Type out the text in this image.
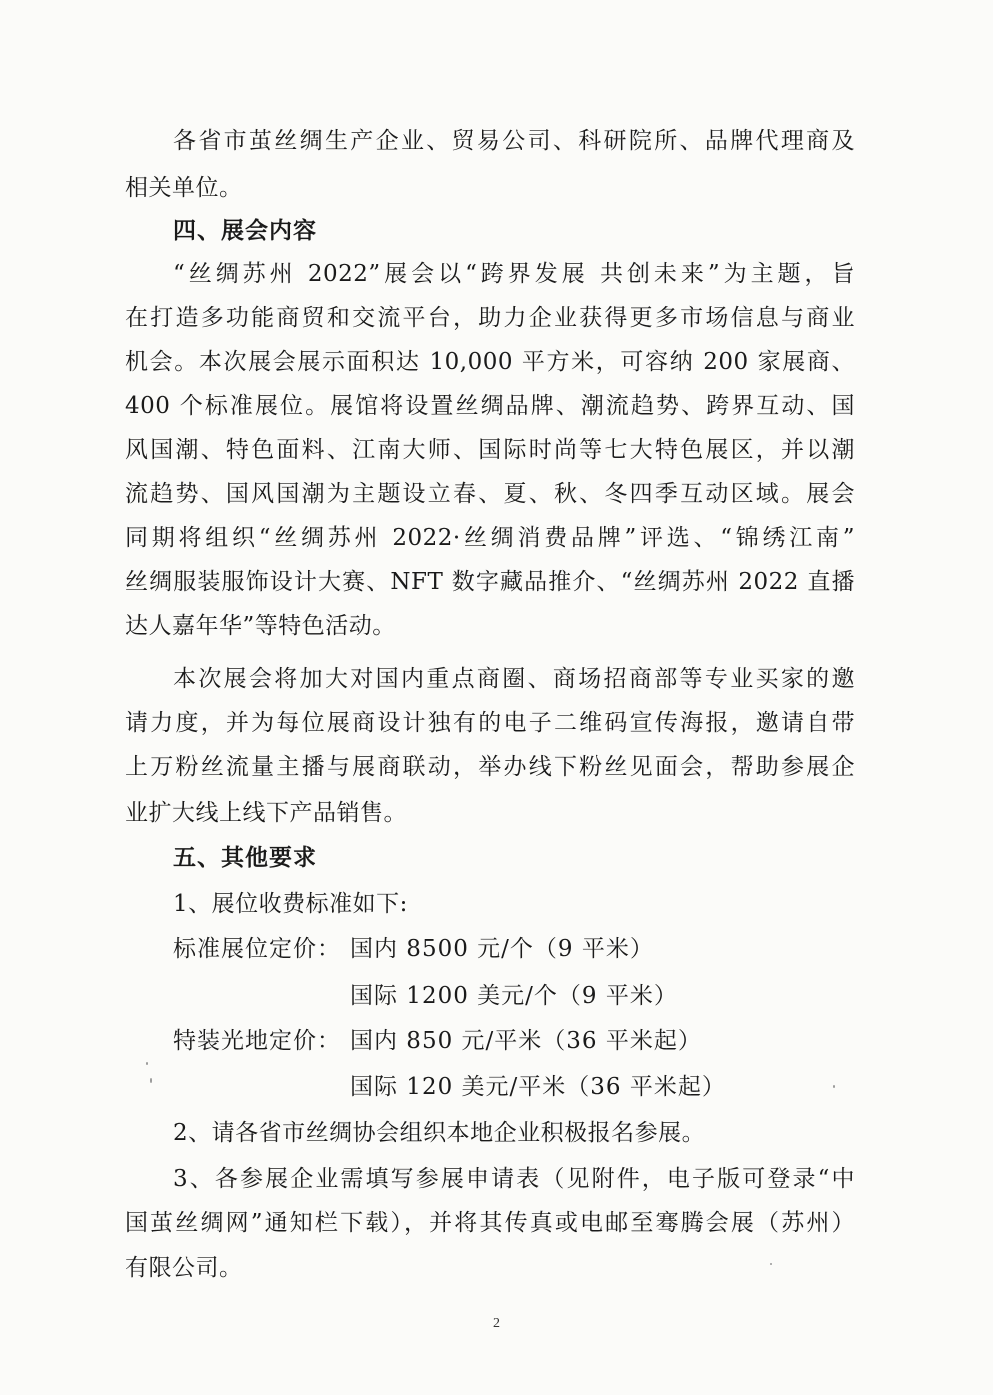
各省市茧丝绸生产企业、贸易公司、科研院所、品牌代理商及
相关单位。
四、展会内容
“丝绸苏州 2022”展会以“跨界发展 共创未来”为主题，旨
在打造多功能商贸和交流平台，助力企业获得更多市场信息与商业
机会。本次展会展示面积达 10,000 平方米，可容纳 200 家展商、
400 个标准展位。展馆将设置丝绸品牌、潮流趋势、跨界互动、国
风国潮、特色面料、江南大师、国际时尚等七大特色展区，并以潮
流趋势、国风国潮为主题设立春、夏、秋、冬四季互动区域。展会
同期将组织“丝绸苏州 2022·丝绸消费品牌”评选、“锦绣江南”
丝绸服装服饰设计大赛、NFT 数字藏品推介、“丝绸苏州 2022 直播
达人嘉年华”等特色活动。
本次展会将加大对国内重点商圈、商场招商部等专业买家的邀
请力度，并为每位展商设计独有的电子二维码宣传海报，邀请自带
上万粉丝流量主播与展商联动，举办线下粉丝见面会，帮助参展企
业扩大线上线下产品销售。
五、其他要求
1、展位收费标准如下:
标准展位定价： 国内 8500 元/个（9 平米）
国际 1200 美元/个（9 平米）
特装光地定价： 国内 850 元/平米（36 平米起）
国际 120 美元/平米（36 平米起）
2、请各省市丝绸协会组织本地企业积极报名参展。
3、各参展企业需填写参展申请表（见附件，电子版可登录“中
国茧丝绸网”通知栏下载），并将其传真或电邮至骞腾会展（苏州）
有限公司。
2
